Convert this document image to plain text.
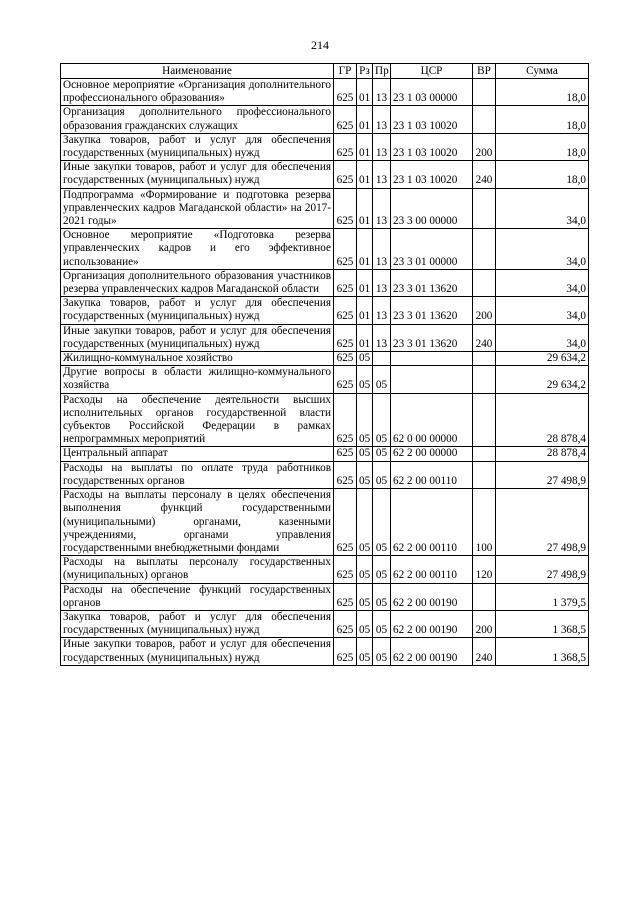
214
Наименование	ГР	Рз	Пр	ЦСР	ВР	Сумма
Основное мероприятие «Организация дополнительного профессионального образования»	625	01	13	23 1 03 00000		18,0
Организация дополнительного профессионального образования гражданских служащих	625	01	13	23 1 03 10020		18,0
Закупка товаров, работ и услуг для обеспечения государственных (муниципальных) нужд	625	01	13	23 1 03 10020	200	18,0
Иные закупки товаров, работ и услуг для обеспечения государственных (муниципальных) нужд	625	01	13	23 1 03 10020	240	18,0
Подпрограмма «Формирование и подготовка резерва управленческих кадров Магаданской области» на 2017-2021 годы»	625	01	13	23 3 00 00000		34,0
Основное мероприятие «Подготовка резерва управленческих кадров и его эффективное использование»	625	01	13	23 3 01 00000		34,0
Организация дополнительного образования участников резерва управленческих кадров Магаданской области	625	01	13	23 3 01 13620		34,0
Закупка товаров, работ и услуг для обеспечения государственных (муниципальных) нужд	625	01	13	23 3 01 13620	200	34,0
Иные закупки товаров, работ и услуг для обеспечения государственных (муниципальных) нужд	625	01	13	23 3 01 13620	240	34,0
Жилищно-коммунальное хозяйство	625	05				29 634,2
Другие вопросы в области жилищно-коммунального хозяйства	625	05	05			29 634,2
Расходы на обеспечение деятельности высших исполнительных органов государственной власти субъектов Российской Федерации в рамках непрограммных мероприятий	625	05	05	62 0 00 00000		28 878,4
Центральный аппарат	625	05	05	62 2 00 00000		28 878,4
Расходы на выплаты по оплате труда работников государственных органов	625	05	05	62 2 00 00110		27 498,9
Расходы на выплаты персоналу в целях обеспечения выполнения функций государственными (муниципальными) органами, казенными учреждениями, органами управления государственными внебюджетными фондами	625	05	05	62 2 00 00110	100	27 498,9
Расходы на выплаты персоналу государственных (муниципальных) органов	625	05	05	62 2 00 00110	120	27 498,9
Расходы на обеспечение функций государственных органов	625	05	05	62 2 00 00190		1 379,5
Закупка товаров, работ и услуг для обеспечения государственных (муниципальных) нужд	625	05	05	62 2 00 00190	200	1 368,5
Иные закупки товаров, работ и услуг для обеспечения государственных (муниципальных) нужд	625	05	05	62 2 00 00190	240	1 368,5
